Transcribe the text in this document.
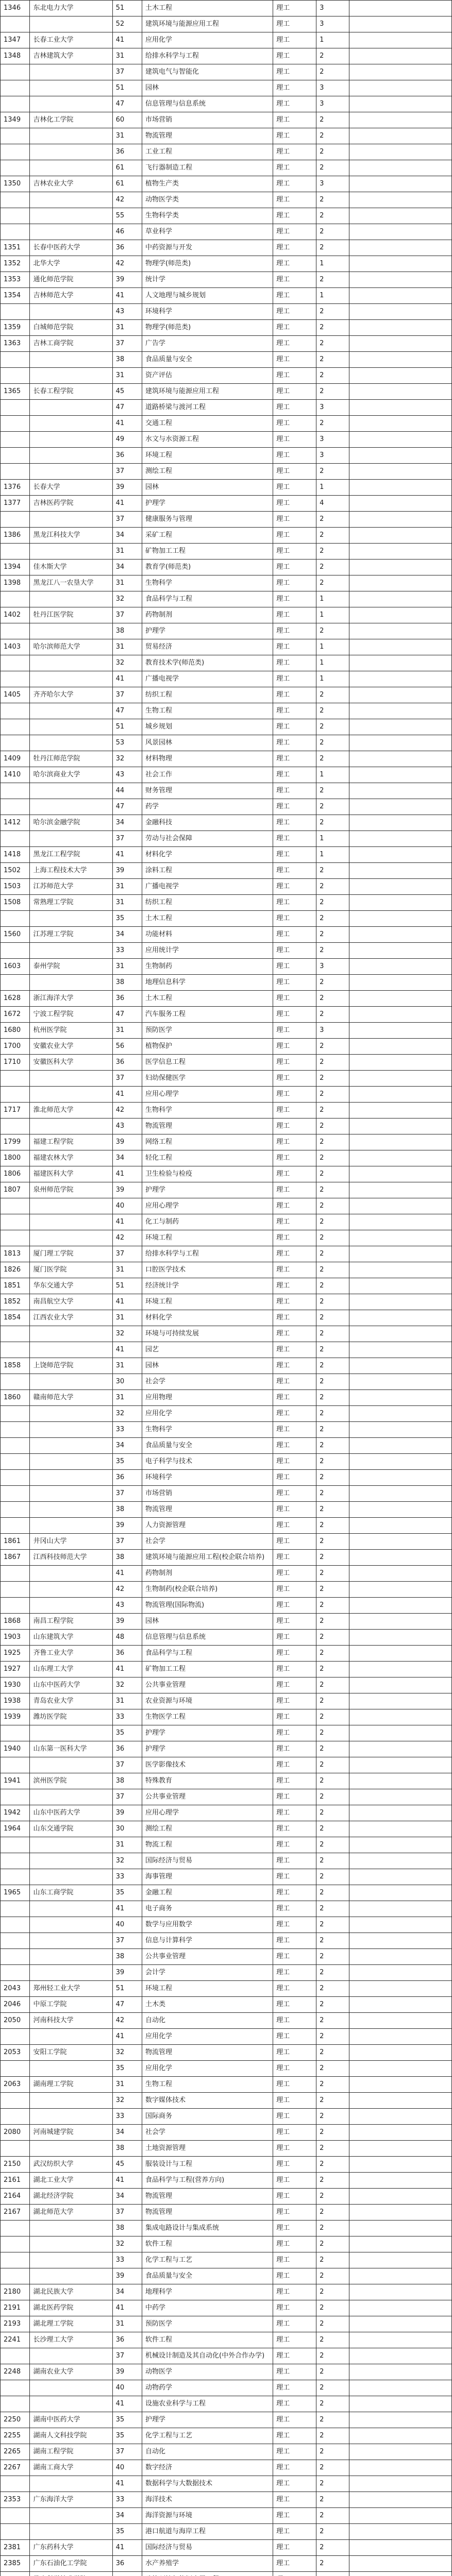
1346	东北电力大学	51	土木工程	理工	3	
		52	建筑环境与能源应用工程	理工	3	
1347	长春工业大学	41	应用化学	理工	1	
1348	吉林建筑大学	31	给排水科学与工程	理工	2	
		37	建筑电气与智能化	理工	2	
		51	园林	理工	3	
		47	信息管理与信息系统	理工	3	
1349	吉林化工学院	60	市场营销	理工	2	
		31	物流管理	理工	2	
		36	工业工程	理工	2	
		61	飞行器制造工程	理工	2	
1350	吉林农业大学	61	植物生产类	理工	3	
		42	动物医学类	理工	2	
		55	生物科学类	理工	2	
		46	草业科学	理工	2	
1351	长春中医药大学	36	中药资源与开发	理工	2	
1352	北华大学	42	物理学(师范类)	理工	1	
1353	通化师范学院	39	统计学	理工	2	
1354	吉林师范大学	41	人文地理与城乡规划	理工	1	
		43	环境科学	理工	2	
1359	白城师范学院	31	物理学(师范类)	理工	2	
1363	吉林工商学院	37	广告学	理工	2	
		38	食品质量与安全	理工	2	
		31	资产评估	理工	2	
1365	长春工程学院	45	建筑环境与能源应用工程	理工	2	
		47	道路桥梁与渡河工程	理工	3	
		41	交通工程	理工	2	
		49	水文与水资源工程	理工	3	
		36	环境工程	理工	3	
		37	测绘工程	理工	2	
1376	长春大学	39	园林	理工	1	
1377	吉林医药学院	41	护理学	理工	4	
		37	健康服务与管理	理工	2	
1386	黑龙江科技大学	34	采矿工程	理工	2	
		31	矿物加工工程	理工	2	
1394	佳木斯大学	34	教育学(师范类)	理工	2	
1398	黑龙江八一农垦大学	31	生物科学	理工	2	
		32	食品科学与工程	理工	1	
1402	牡丹江医学院	37	药物制剂	理工	1	
		38	护理学	理工	2	
1403	哈尔滨师范大学	31	贸易经济	理工	1	
		32	教育技术学(师范类)	理工	1	
		41	广播电视学	理工	1	
1405	齐齐哈尔大学	37	纺织工程	理工	2	
		47	生物工程	理工	2	
		51	城乡规划	理工	2	
		53	风景园林	理工	2	
1409	牡丹江师范学院	32	材料物理	理工	2	
1410	哈尔滨商业大学	43	社会工作	理工	1	
		44	财务管理	理工	2	
		47	药学	理工	2	
1412	哈尔滨金融学院	34	金融科技	理工	2	
		37	劳动与社会保障	理工	1	
1418	黑龙江工程学院	41	材料化学	理工	1	
1502	上海工程技术大学	39	涂料工程	理工	2	
1503	江苏师范大学	31	广播电视学	理工	2	
1508	常熟理工学院	31	纺织工程	理工	2	
		35	土木工程	理工	2	
1560	江苏理工学院	34	功能材料	理工	2	
		33	应用统计学	理工	2	
1603	泰州学院	31	生物制药	理工	3	
		38	地理信息科学	理工	2	
1628	浙江海洋大学	36	土木工程	理工	2	
1672	宁波工程学院	47	汽车服务工程	理工	2	
1680	杭州医学院	31	预防医学	理工	3	
1700	安徽农业大学	56	植物保护	理工	2	
1710	安徽医科大学	36	医学信息工程	理工	2	
		37	妇幼保健医学	理工	2	
		41	应用心理学	理工	2	
1717	淮北师范大学	42	生物科学	理工	2	
		43	物流管理	理工	2	
1799	福建工程学院	39	网络工程	理工	2	
1800	福建农林大学	34	轻化工程	理工	2	
1806	福建医科大学	41	卫生检验与检疫	理工	2	
1807	泉州师范学院	39	护理学	理工	2	
		40	应用心理学	理工	2	
		41	化工与制药	理工	2	
		42	环境工程	理工	2	
1813	厦门理工学院	37	给排水科学与工程	理工	2	
1826	厦门医学院	31	口腔医学技术	理工	2	
1851	华东交通大学	51	经济统计学	理工	2	
1852	南昌航空大学	41	环境工程	理工	2	
1854	江西农业大学	31	材料化学	理工	2	
		32	环境与可持续发展	理工	2	
		41	园艺	理工	2	
1858	上饶师范学院	31	园林	理工	2	
		30	社会学	理工	2	
1860	赣南师范大学	31	应用物理	理工	2	
		32	应用化学	理工	2	
		33	生物科学	理工	2	
		34	食品质量与安全	理工	2	
		35	电子科学与技术	理工	2	
		36	环境科学	理工	2	
		37	市场营销	理工	2	
		38	物流管理	理工	2	
		39	人力资源管理	理工	2	
1861	井冈山大学	37	社会学	理工	2	
1867	江西科技师范大学	38	建筑环境与能源应用工程(校企联合培养)	理工	2	
		41	药物制剂	理工	2	
		42	生物制药(校企联合培养)	理工	2	
		43	物流管理(国际物流)	理工	2	
1868	南昌工程学院	39	园林	理工	2	
1903	山东建筑大学	48	信息管理与信息系统	理工	2	
1925	齐鲁工业大学	36	食品科学与工程	理工	2	
1927	山东理工大学	41	矿物加工工程	理工	2	
1930	山东中医药大学	32	公共事业管理	理工	2	
1938	青岛农业大学	31	农业资源与环境	理工	2	
1939	潍坊医学院	33	生物医学工程	理工	2	
		35	护理学	理工	2	
1940	山东第一医科大学	36	护理学	理工	2	
		37	医学影像技术	理工	2	
1941	滨州医学院	38	特殊教育	理工	2	
		37	公共事业管理	理工	2	
1942	山东中医药大学	39	应用心理学	理工	2	
1964	山东交通学院	30	测绘工程	理工	2	
		31	物流工程	理工	2	
		32	国际经济与贸易	理工	2	
		33	海事管理	理工	2	
1965	山东工商学院	35	金融工程	理工	2	
		41	电子商务	理工	2	
		40	数学与应用数学	理工	2	
		37	信息与计算科学	理工	2	
		38	公共事业管理	理工	2	
		39	会计学	理工	2	
2043	郑州轻工业大学	51	环境工程	理工	2	
2046	中原工学院	47	土木类	理工	2	
2050	河南科技大学	42	自动化	理工	2	
		41	应用化学	理工	2	
2053	安阳工学院	32	物流管理	理工	2	
		35	应用化学	理工	2	
2063	湖南理工学院	31	生物工程	理工	2	
		32	数字媒体技术	理工	2	
		33	国际商务	理工	2	
2080	河南城建学院	34	社会学	理工	2	
		38	土地资源管理	理工	2	
2150	武汉纺织大学	45	服装设计与工程	理工	2	
2161	湖北工业大学	41	食品科学与工程(营养方向)	理工	2	
2164	湖北经济学院	34	物流管理	理工	2	
2167	湖北师范大学	37	物流管理	理工	2	
		38	集成电路设计与集成系统	理工	2	
		32	软件工程	理工	2	
		33	化学工程与工艺	理工	2	
		39	食品质量与安全	理工	2	
2180	湖北民族大学	34	地理科学	理工	2	
2191	湖北医药学院	41	中药学	理工	2	
2193	湖北理工学院	31	预防医学	理工	2	
2241	长沙理工大学	36	软件工程	理工	2	
		37	机械设计制造及其自动化(中外合作办学)	理工	2	
2248	湖南农业大学	39	动物医学	理工	2	
		40	动物药学	理工	2	
		41	设施农业科学与工程	理工	2	
2250	湖南中医药大学	35	护理学	理工	2	
2255	湖南人文科技学院	35	化学工程与工艺	理工	2	
2265	湖南工程学院	37	自动化	理工	2	
2267	湖南工商大学	40	数字经济	理工	2	
		41	数据科学与大数据技术	理工	2	
2353	广东海洋大学	33	海洋技术	理工	2	
		34	海洋资源与环境	理工	2	
		35	港口航道与海岸工程	理工	2	
2381	广东药科大学	41	国际经济与贸易	理工	2	
2385	广东石油化工学院	36	水产养殖学	理工	2	
